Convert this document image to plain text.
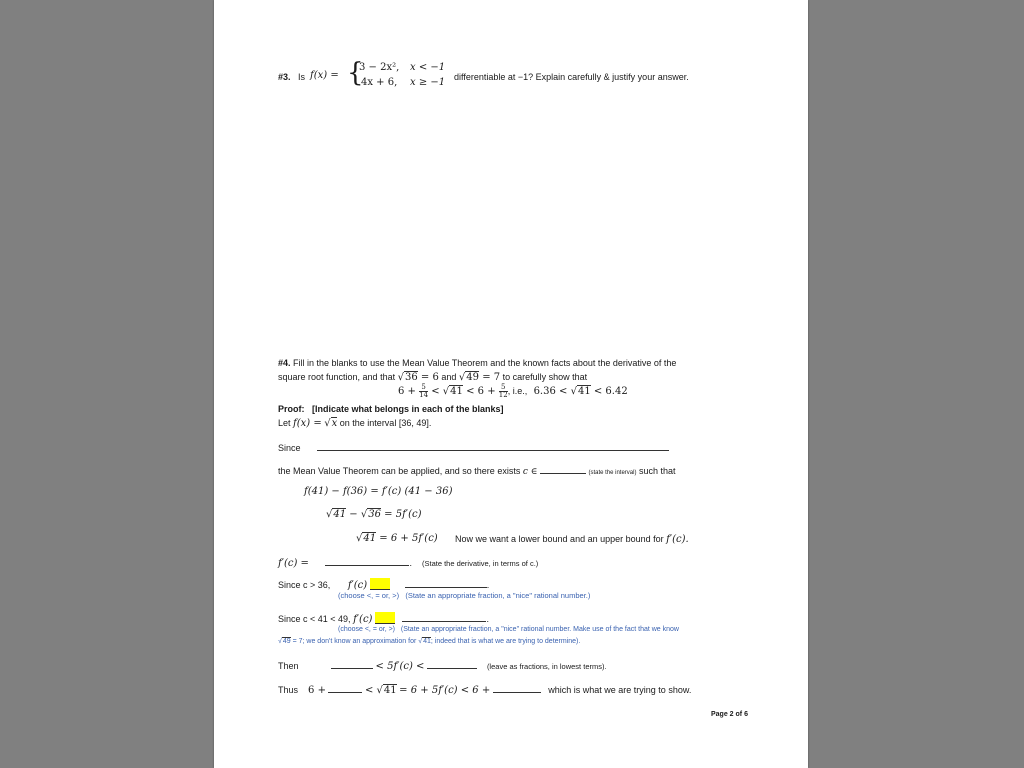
#3. Is f(x) = {
3 − 2x², x < −1
4x + 6, x ≥ −1 differentiable at −1? Explain carefully & justify your answer.
#4. Fill in the blanks to use the Mean Value Theorem and the known facts about the derivative of the
square root function, and that √36 = 6 and √49 = 7 to carefully show that
$6 + \frac{5}{14} < √41 < 6 + \frac{5}{12}$ , i.e., 6.36 < √41 < 6.42
Proof: [Indicate what belongs in each of the blanks]
Let f(x) = √x on the interval [36, 49].
Since
the Mean Value Theorem can be applied, and so there exists c ∈	(state the interval) such that
f(41) − f(36) = f′(c) (41 − 36)
√41 − √36 = 5f′(c)
√41 = 6 + 5f′(c) Now we want a lower bound and an upper bound for f′(c).
f′(c) =	. (State the derivative, in terms of c.)
Since c > 36, f′(c)	.
(choose <, = or, >) (State an appropriate fraction, a "nice" rational number.)
Since c < 41 < 49, f′(c)	.
(choose <, = or, >) (State an appropriate fraction, a "nice" rational number. Make use of the fact that we know
√49 = 7; we don't know an approximation for √41; indeed that is what we are trying to determine).
Then	< 5f′(c) <	(leave as fractions, in lowest terms).
Thus 6 +	< √41 = 6 + 5f′(c) < 6 +	which is what we are trying to show.
Page 2 of 6
